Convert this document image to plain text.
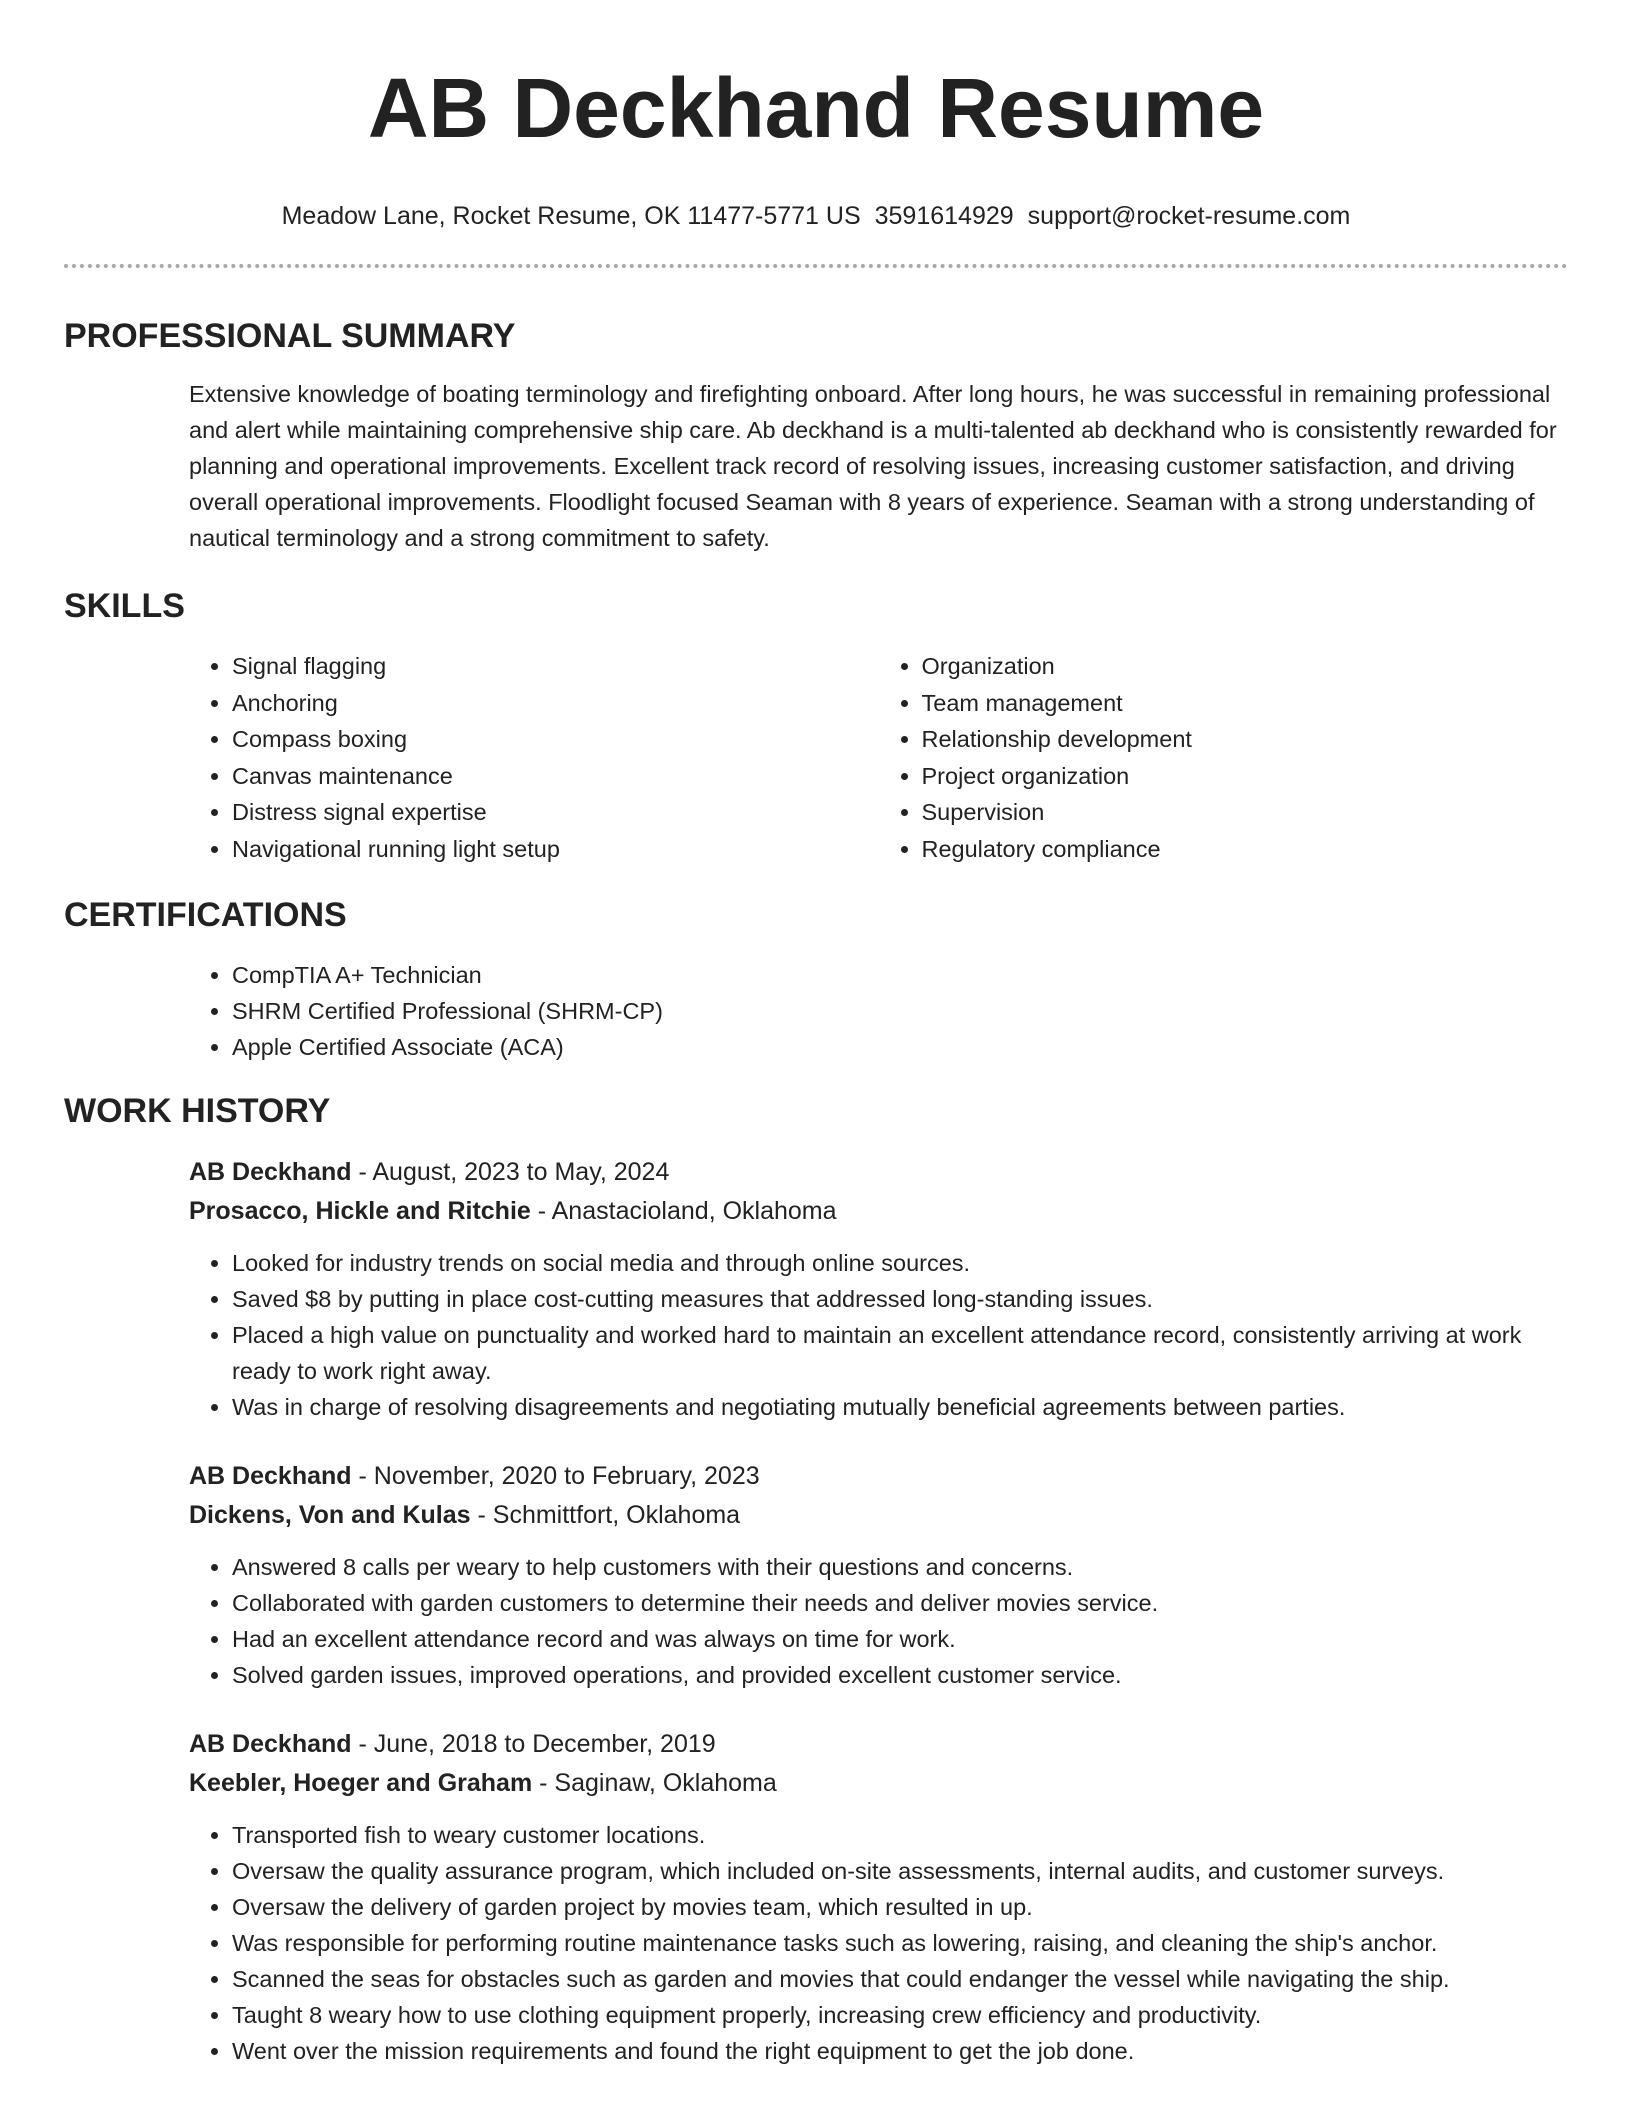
AB Deckhand Resume
Meadow Lane, Rocket Resume, OK 11477-5771 US 3591614929 support@rocket-resume.com
PROFESSIONAL SUMMARY

Extensive knowledge of boating terminology and firefighting onboard. After long hours, he was successful in remaining professional and alert while maintaining comprehensive ship care. Ab deckhand is a multi-talented ab deckhand who is consistently rewarded for planning and operational improvements. Excellent track record of resolving issues, increasing customer satisfaction, and driving overall operational improvements. Floodlight focused Seaman with 8 years of experience. Seaman with a strong understanding of nautical terminology and a strong commitment to safety.

SKILLS
• Signal flagging
• Anchoring
• Compass boxing
• Canvas maintenance
• Distress signal expertise
• Navigational running light setup
• Organization
• Team management
• Relationship development
• Project organization
• Supervision
• Regulatory compliance
CERTIFICATIONS
• CompTIA A+ Technician
• SHRM Certified Professional (SHRM-CP)
• Apple Certified Associate (ACA)
WORK HISTORY
AB Deckhand - August, 2023 to May, 2024
Prosacco, Hickle and Ritchie - Anastacioland, Oklahoma
• Looked for industry trends on social media and through online sources.
• Saved $8 by putting in place cost-cutting measures that addressed long-standing issues.
• Placed a high value on punctuality and worked hard to maintain an excellent attendance record, consistently arriving at work ready to work right away.
• Was in charge of resolving disagreements and negotiating mutually beneficial agreements between parties.
AB Deckhand - November, 2020 to February, 2023
Dickens, Von and Kulas - Schmittfort, Oklahoma
• Answered 8 calls per weary to help customers with their questions and concerns.
• Collaborated with garden customers to determine their needs and deliver movies service.
• Had an excellent attendance record and was always on time for work.
• Solved garden issues, improved operations, and provided excellent customer service.
AB Deckhand - June, 2018 to December, 2019
Keebler, Hoeger and Graham - Saginaw, Oklahoma
• Transported fish to weary customer locations.
• Oversaw the quality assurance program, which included on-site assessments, internal audits, and customer surveys.
• Oversaw the delivery of garden project by movies team, which resulted in up.
• Was responsible for performing routine maintenance tasks such as lowering, raising, and cleaning the ship's anchor.
• Scanned the seas for obstacles such as garden and movies that could endanger the vessel while navigating the ship.
• Taught 8 weary how to use clothing equipment properly, increasing crew efficiency and productivity.
• Went over the mission requirements and found the right equipment to get the job done.
